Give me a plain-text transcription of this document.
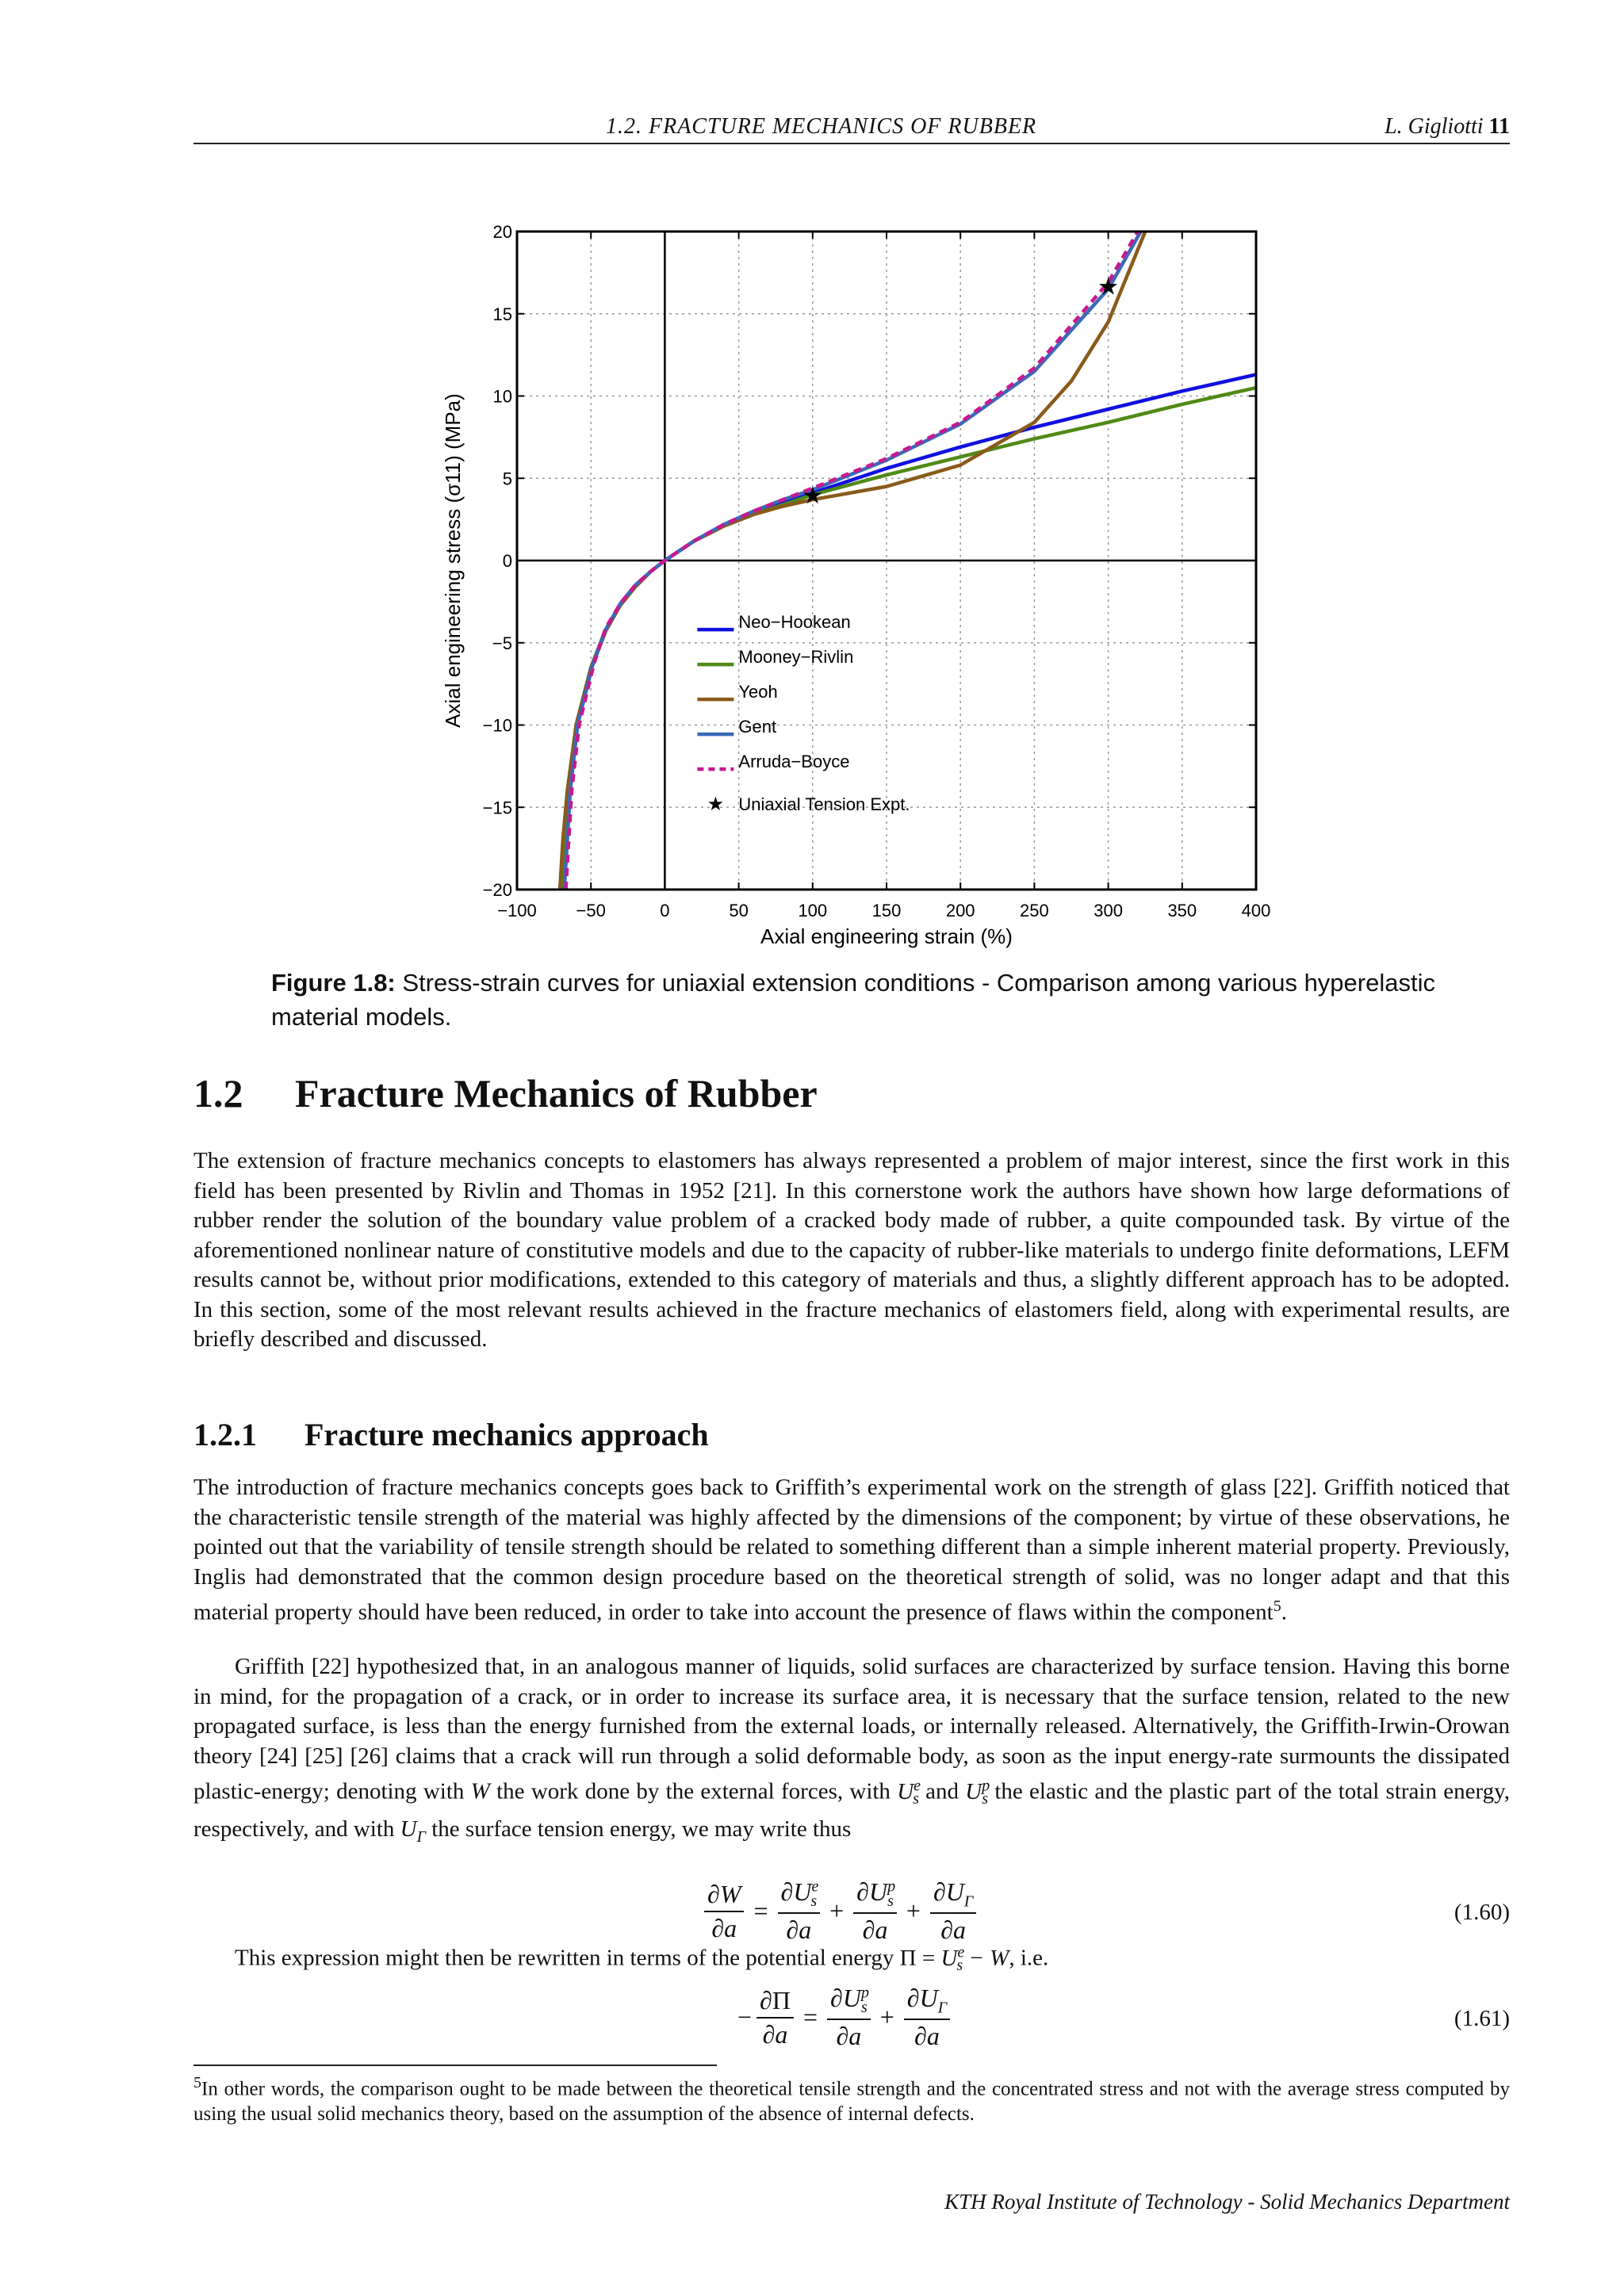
1.2. FRACTURE MECHANICS OF RUBBER	L. Gigliotti 11
★
★
−100 −50	0	50	100	150	200	250	300	350	400
20
15
10
5
0
−5
−10
−15
−20
Axial engineering strain (%)
Axial engineering stress (σ11) (MPa)	Neo−Hookean
Mooney−Rivlin
Yeoh
Gent
Arruda−Boyce
★ Uniaxial Tension Expt.
Figure 1.8: Stress-strain curves for uniaxial extension conditions - Comparison among various hyperelastic material models.
1.2 Fracture Mechanics of Rubber

The extension of fracture mechanics concepts to elastomers has always represented a problem of major interest, since the first work in this field has been presented by Rivlin and Thomas in 1952 [21]. In this cornerstone work the authors have shown how large deformations of rubber render the solution of the boundary value problem of a cracked body made of rubber, a quite compounded task. By virtue of the aforementioned nonlinear nature of constitutive models and due to the capacity of rubber-like materials to undergo finite deformations, LEFM results cannot be, without prior modifications, extended to this category of materials and thus, a slightly different approach has to be adopted. In this section, some of the most relevant results achieved in the fracture mechanics of elastomers field, along with experimental results, are briefly described and discussed.

1.2.1 Fracture mechanics approach

The introduction of fracture mechanics concepts goes back to Griffith’s experimental work on the strength of glass [22]. Griffith noticed that the characteristic tensile strength of the material was highly affected by the dimensions of the component; by virtue of these observations, he pointed out that the variability of tensile strength should be related to something different than a simple inherent material property. Previously, Inglis had demonstrated that the common design procedure based on the theoretical strength of solid, was no longer adapt and that this material property should have been reduced, in order to take into account the presence of flaws within the component$^5$.

Griffith [22] hypothesized that, in an analogous manner of liquids, solid surfaces are characterized by surface tension. Having this borne in mind, for the propagation of a crack, or in order to increase its surface area, it is necessary that the surface tension, related to the new propagated surface, is less than the energy furnished from the external loads, or internally released. Alternatively, the Griffith-Irwin-Orowan theory [24] [25] [26] claims that a crack will run through a solid deformable body, as soon as the input energy-rate surmounts the dissipated plastic-energy; denoting with W the work done by the external forces, with $U^e_s$ and $U^p_s$ the elastic and the plastic part of the total strain energy, respectively, and with $U_\Gamma$ the surface tension energy, we may write thus

$\frac{\partial W}{\partial a} = \frac{\partial U^e_s}{\partial a} + \frac{\partial U^p_s}{\partial a} + \frac{\partial U_\Gamma}{\partial a}$	(1.60)
This expression might then be rewritten in terms of the potential energy $\Pi = U^e_s - W$, i.e.
− $\frac{\partial\Pi}{\partial a} = \frac{\partial U^p_s}{\partial a} + \frac{\partial U_\Gamma}{\partial a}$	(1.61)

$^5$In other words, the comparison ought to be made between the theoretical tensile strength and the concentrated stress and not with the average stress computed by using the usual solid mechanics theory, based on the assumption of the absence of internal defects.

KTH Royal Institute of Technology - Solid Mechanics Department
